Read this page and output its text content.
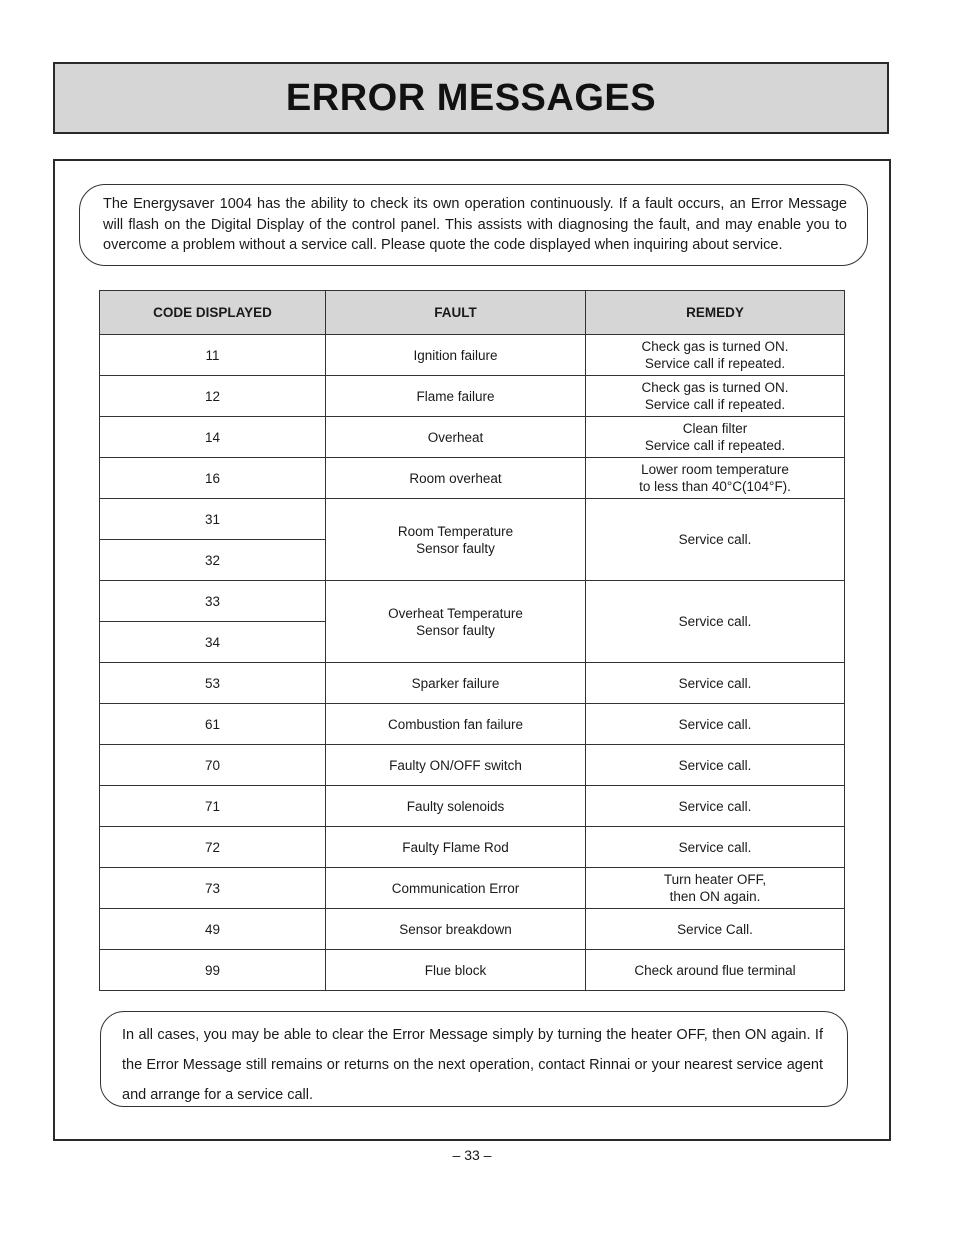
ERROR MESSAGES
The Energysaver 1004 has the ability to check its own operation continuously. If a fault occurs, an Error Message will flash on the Digital Display of the control panel. This assists with diagnosing the fault, and may enable you to overcome a problem without a service call. Please quote the code displayed when inquiring about service.
CODE DISPLAYED	FAULT	REMEDY
11	Ignition failure	Check gas is turned ON.
Service call if repeated.
12	Flame failure	Check gas is turned ON.
Service call if repeated.
14	Overheat	Clean filter
Service call if repeated.
16	Room overheat	Lower room temperature
to less than 40°C(104°F).
31	Room Temperature
Sensor faulty	Service call.
32		
33	Overheat Temperature
Sensor faulty	Service call.
34		
53	Sparker failure	Service call.
61	Combustion fan failure	Service call.
70	Faulty ON/OFF switch	Service call.
71	Faulty solenoids	Service call.
72	Faulty Flame Rod	Service call.
73	Communication Error	Turn heater OFF,
then ON again.
49	Sensor breakdown	Service Call.
99	Flue block	Check around flue terminal
In all cases, you may be able to clear the Error Message simply by turning the heater OFF, then ON again. If the Error Message still remains or returns on the next operation, contact Rinnai or your nearest service agent and arrange for a service call.
– 33 –
